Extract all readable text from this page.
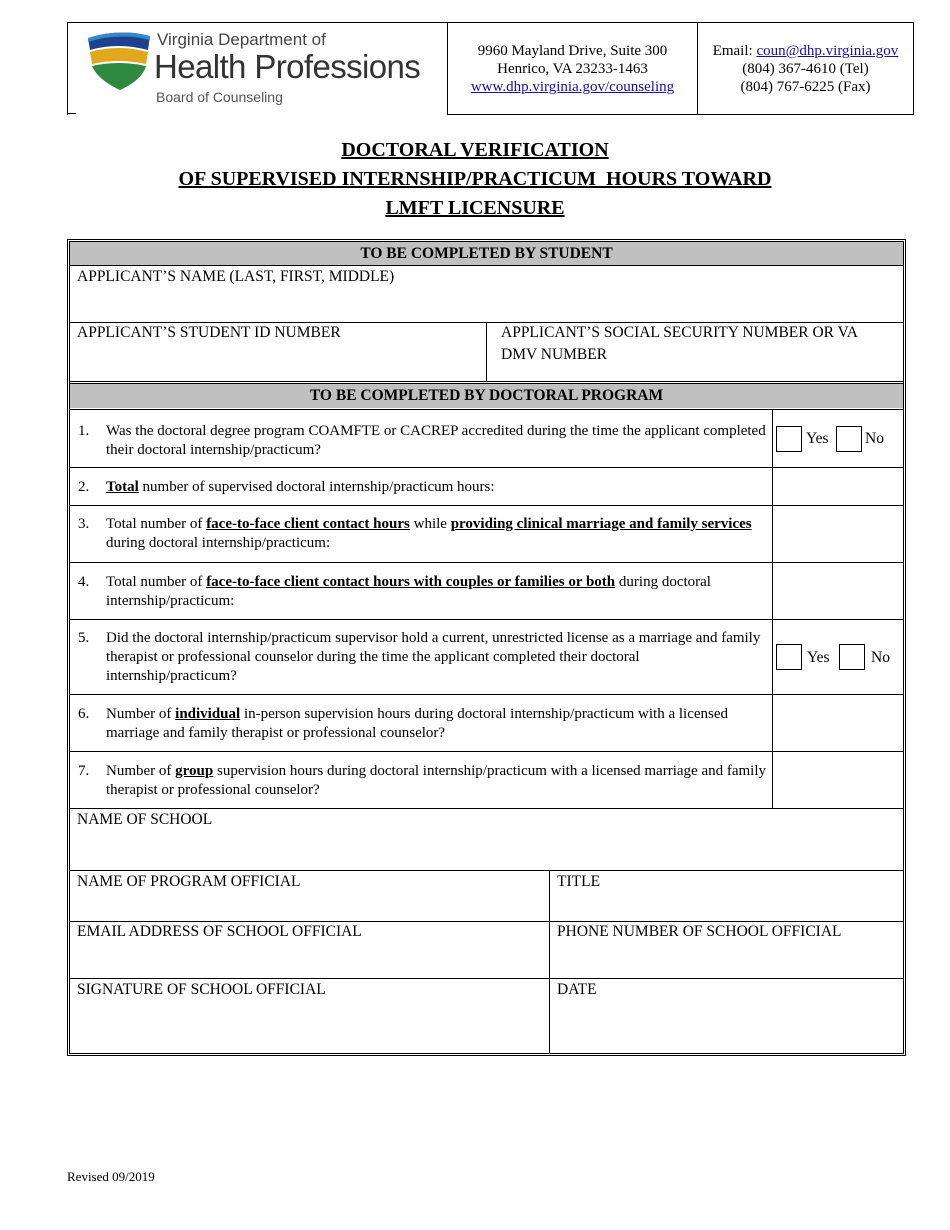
Virginia Department of
Health Professions
Board of Counseling
9960 Mayland Drive, Suite 300
Henrico, VA 23233-1463
www.dhp.virginia.gov/counseling
Email: coun@dhp.virginia.gov
(804) 367-4610 (Tel)
(804) 767-6225 (Fax)
DOCTORAL VERIFICATION
OF SUPERVISED INTERNSHIP/PRACTICUM  HOURS TOWARD
LMFT LICENSURE
TO BE COMPLETED BY STUDENT
APPLICANT’S NAME (LAST, FIRST, MIDDLE)
APPLICANT’S STUDENT ID NUMBER	APPLICANT’S SOCIAL SECURITY NUMBER OR VA DMV NUMBER
TO BE COMPLETED BY DOCTORAL PROGRAM
1. Was the doctoral degree program COAMFTE or CACREP accredited during the time the applicant completed their doctoral internship/practicum?
Yes No
2. Total number of supervised doctoral internship/practicum hours:
3. Total number of face-to-face client contact hours while providing clinical marriage and family services during doctoral internship/practicum:
4. Total number of face-to-face client contact hours with couples or families or both during doctoral internship/practicum:
5. Did the doctoral internship/practicum supervisor hold a current, unrestricted license as a marriage and family therapist or professional counselor during the time the applicant completed their doctoral internship/practicum?
Yes	No
6. Number of individual in-person supervision hours during doctoral internship/practicum with a licensed marriage and family therapist or professional counselor?
7. Number of group supervision hours during doctoral internship/practicum with a licensed marriage and family therapist or professional counselor?
NAME OF SCHOOL
NAME OF PROGRAM OFFICIAL	TITLE
EMAIL ADDRESS OF SCHOOL OFFICIAL	PHONE NUMBER OF SCHOOL OFFICIAL
SIGNATURE OF SCHOOL OFFICIAL	DATE
Revised 09/2019
